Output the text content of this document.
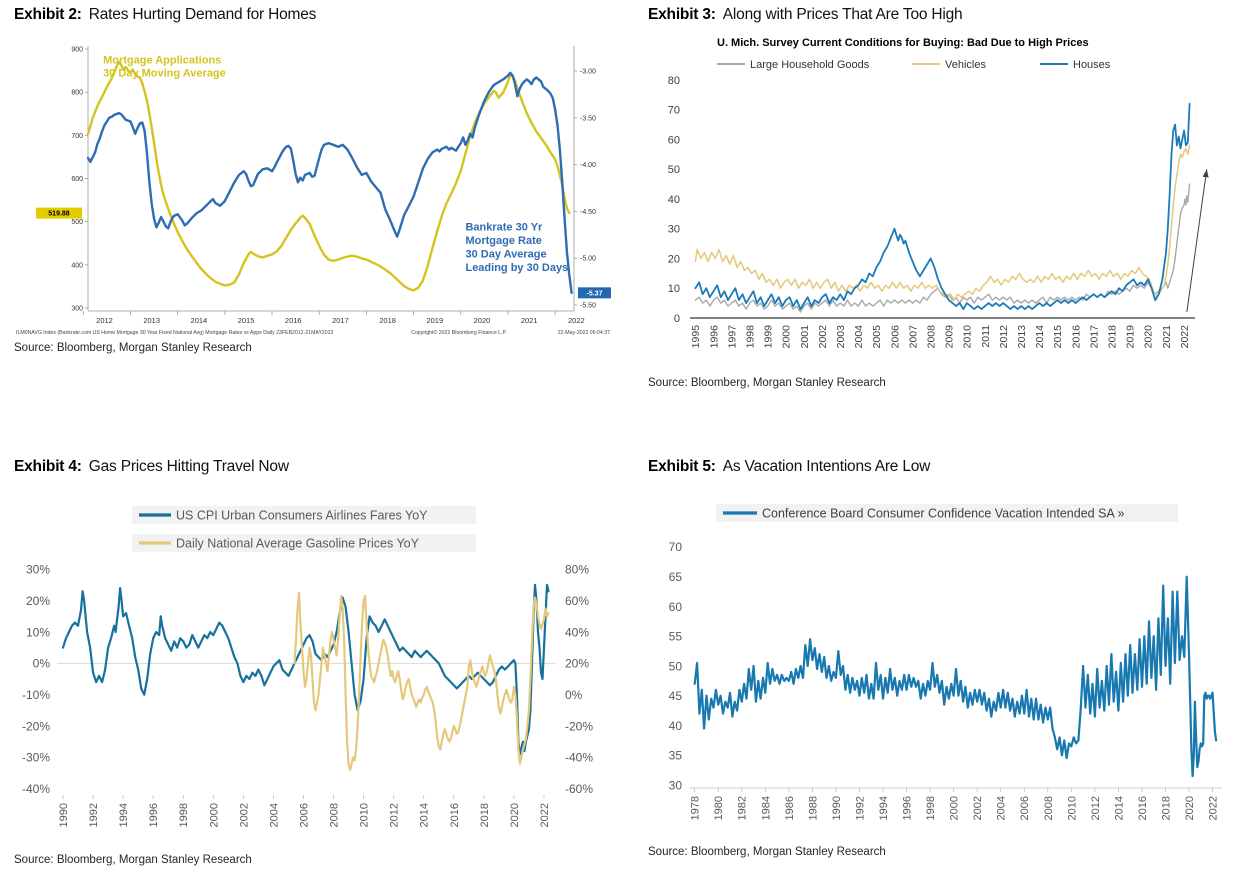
Exhibit 2: Rates Hurting Demand for Homes
900
800
700
600
500
400
300
-3.00
-3.50
-4.00
-4.50
-5.00
-5.50
2012	2013	2014	2015	2016	2017	2018	2019	2020	2021	2022
Mortgage Applications
30 Day Moving Average
Bankrate 30 Yr
Mortgage Rate
30 Day Average
Leading by 30 Days
519.88
-5.37
ILM0NAVG Index (Bankrate.com US Home Mortgage 30 Year Fixed National Avg) Mortgage Rates vs Apps Daily 23FEB2012-21MAY2022	Copyright© 2022 Bloomberg Finance L.P.	22-May-2022 06:04:37
Source: Bloomberg, Morgan Stanley Research
Exhibit 3: Along with Prices That Are Too High
Large Household Goods	Vehicles	Houses
U. Mich. Survey Current Conditions for Buying: Bad Due to High Prices
0
10
20
30
40
50
60
70
80
1995 1996 1997 1998 1999 2000 2001 2002 2003 2004 2005 2006 2007 2008 2009 2010 2011 2012 2013 2014 2015 2016 2017 2018 2019 2020 2021 2022
Source: Bloomberg, Morgan Stanley Research
Exhibit 4: Gas Prices Hitting Travel Now
US CPI Urban Consumers Airlines Fares YoY
Daily National Average Gasoline Prices YoY
30%
20%
10%
0%
-10%
-20%
-30%
-40%
80%
60%
40%
20%
0%
-20%
-40%
-60%
1990 1992 1994 1996 1998 2000 2002 2004 2006 2008 2010 2012 2014 2016 2018 2020 2022
Source: Bloomberg, Morgan Stanley Research
Exhibit 5: As Vacation Intentions Are Low
Conference Board Consumer Confidence Vacation Intended SA »
30
35
40
45
50
55
60
65
70
1978 1980 1982 1984 1986 1988 1990 1992 1994 1996 1998 2000 2002 2004 2006 2008 2010 2012 2014 2016 2018 2020 2022
Source: Bloomberg, Morgan Stanley Research
